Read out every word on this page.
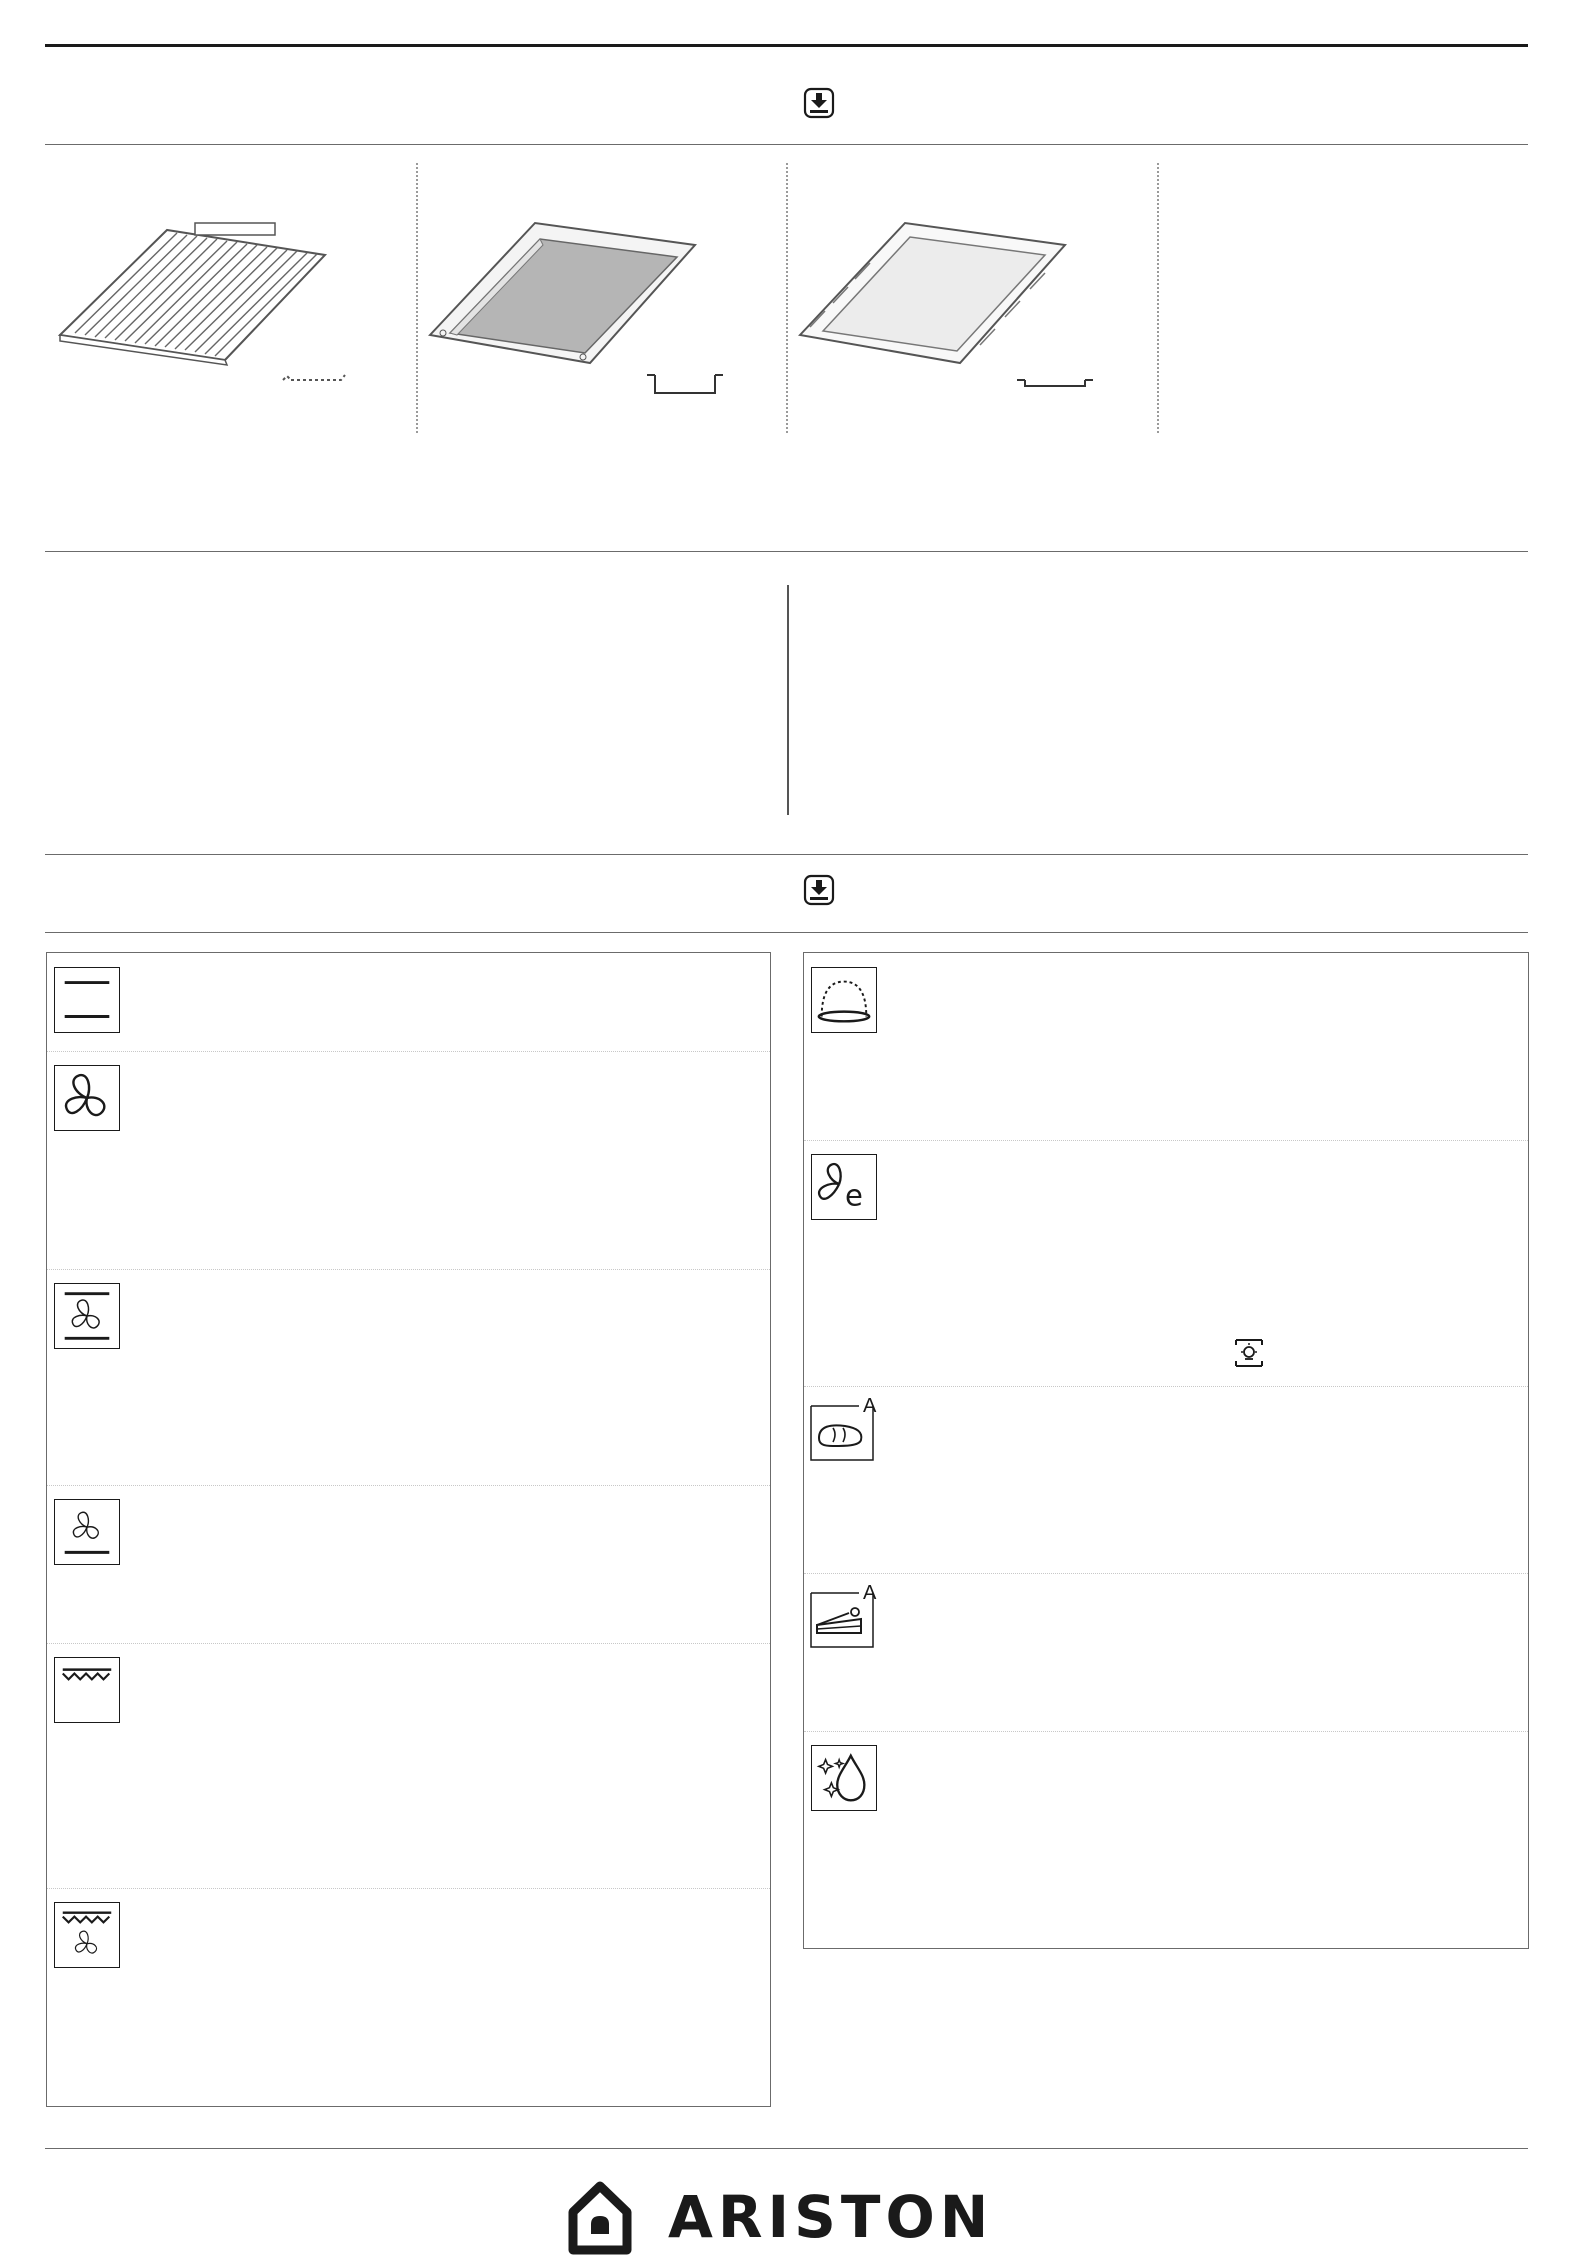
e
A
A
ARISTON
